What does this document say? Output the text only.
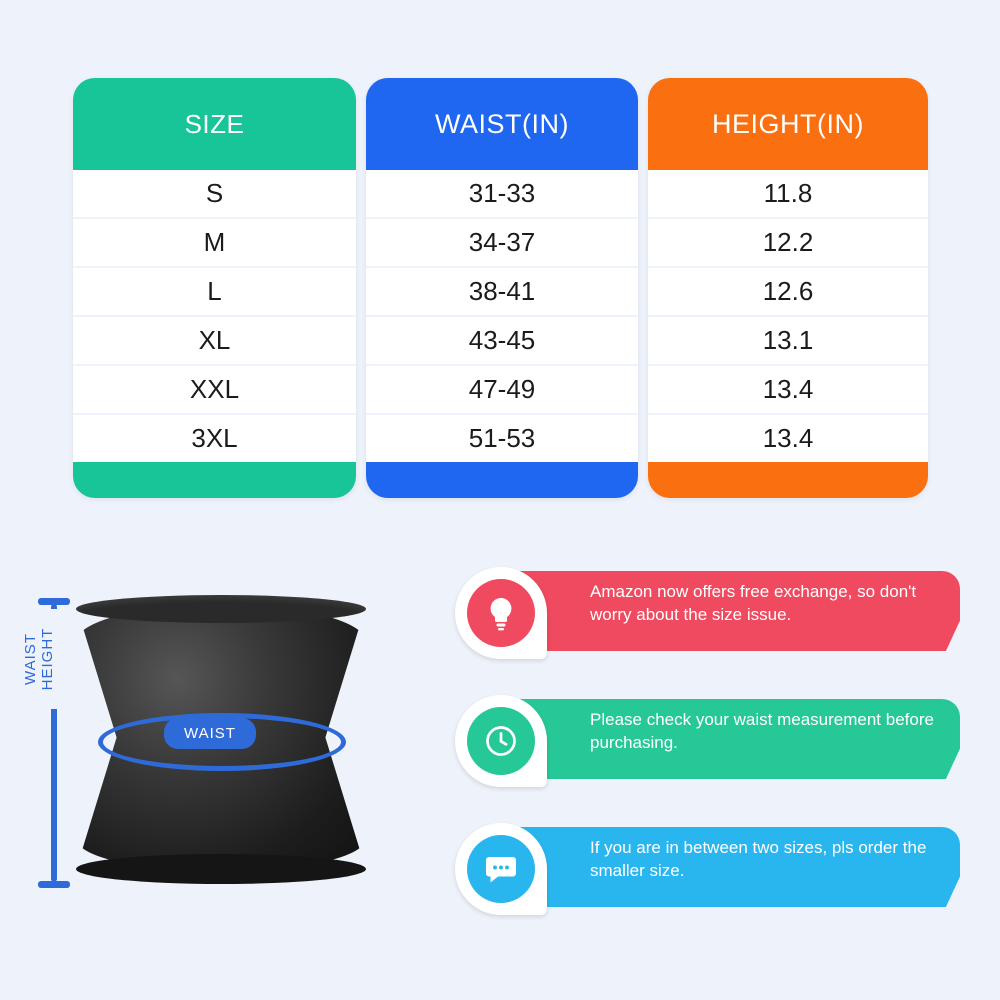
SIZE
S
M
L
XL
XXL
3XL
WAIST(IN)
31-33
34-37
38-41
43-45
47-49
51-53
HEIGHT(IN)
11.8
12.2
12.6
13.1
13.4
13.4
WAIST HEIGHT
WAIST
Amazon now offers free exchange, so don't worry about the size issue.
Please check your waist measurement before purchasing.
If you are in between two sizes, pls order the smaller size.
